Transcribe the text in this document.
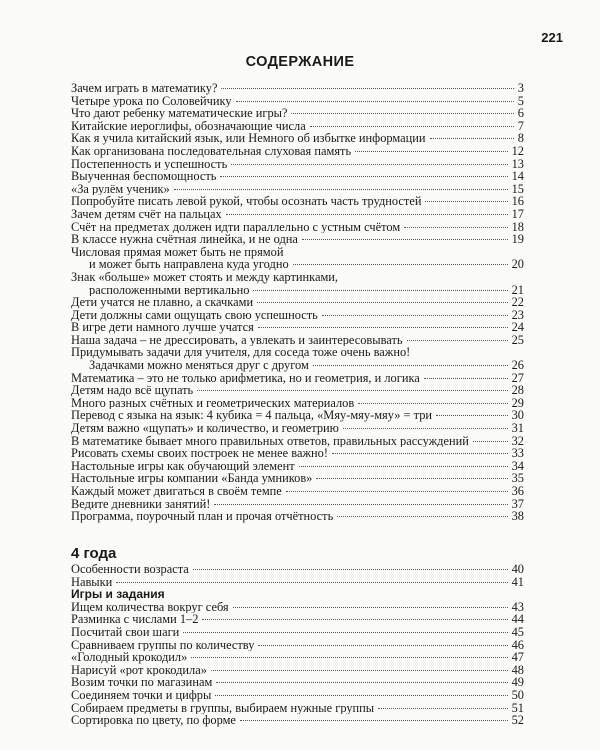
221
СОДЕРЖАНИЕ
Зачем играть в математику?	3
Четыре урока по Соловейчику	5
Что дают ребенку математические игры?	6
Китайские иероглифы, обозначающие числа	7
Как я учила китайский язык, или Немного об избытке информации	8
Как организована последовательная слуховая память	12
Постепенность и успешность	13
Выученная беспомощность	14
«За рулём ученик»	15
Попробуйте писать левой рукой, чтобы осознать часть трудностей	16
Зачем детям счёт на пальцах	17
Счёт на предметах должен идти параллельно с устным счётом	18
В классе нужна счётная линейка, и не одна	19
Числовая прямая может быть не прямой
и может быть направлена куда угодно	20
Знак «больше» может стоять и между картинками,
расположенными вертикально	21
Дети учатся не плавно, а скачками	22
Дети должны сами ощущать свою успешность	23
В игре дети намного лучше учатся	24
Наша задача – не дрессировать, а увлекать и заинтересовывать	25
Придумывать задачи для учителя, для соседа тоже очень важно!
Задачками можно меняться друг с другом	26
Математика – это не только арифметика, но и геометрия, и логика	27
Детям надо всё щупать	28
Много разных счётных и геометрических материалов	29
Перевод с языка на язык: 4 кубика = 4 пальца, «Мяу-мяу-мяу» = три	30
Детям важно «щупать» и количество, и геометрию	31
В математике бывает много правильных ответов, правильных рассуждений	32
Рисовать схемы своих построек не менее важно!	33
Настольные игры как обучающий элемент	34
Настольные игры компании «Банда умников»	35
Каждый может двигаться в своём темпе	36
Ведите дневники занятий!	37
Программа, поурочный план и прочая отчётность	38
4 года
Особенности возраста	40
Навыки	41
Игры и задания
Ищем количества вокруг себя	43
Разминка с числами 1–2	44
Посчитай свои шаги	45
Сравниваем группы по количеству	46
«Голодный крокодил»	47
Нарисуй «рот крокодила»	48
Возим точки по магазинам	49
Соединяем точки и цифры	50
Собираем предметы в группы, выбираем нужные группы	51
Сортировка по цвету, по форме	52
